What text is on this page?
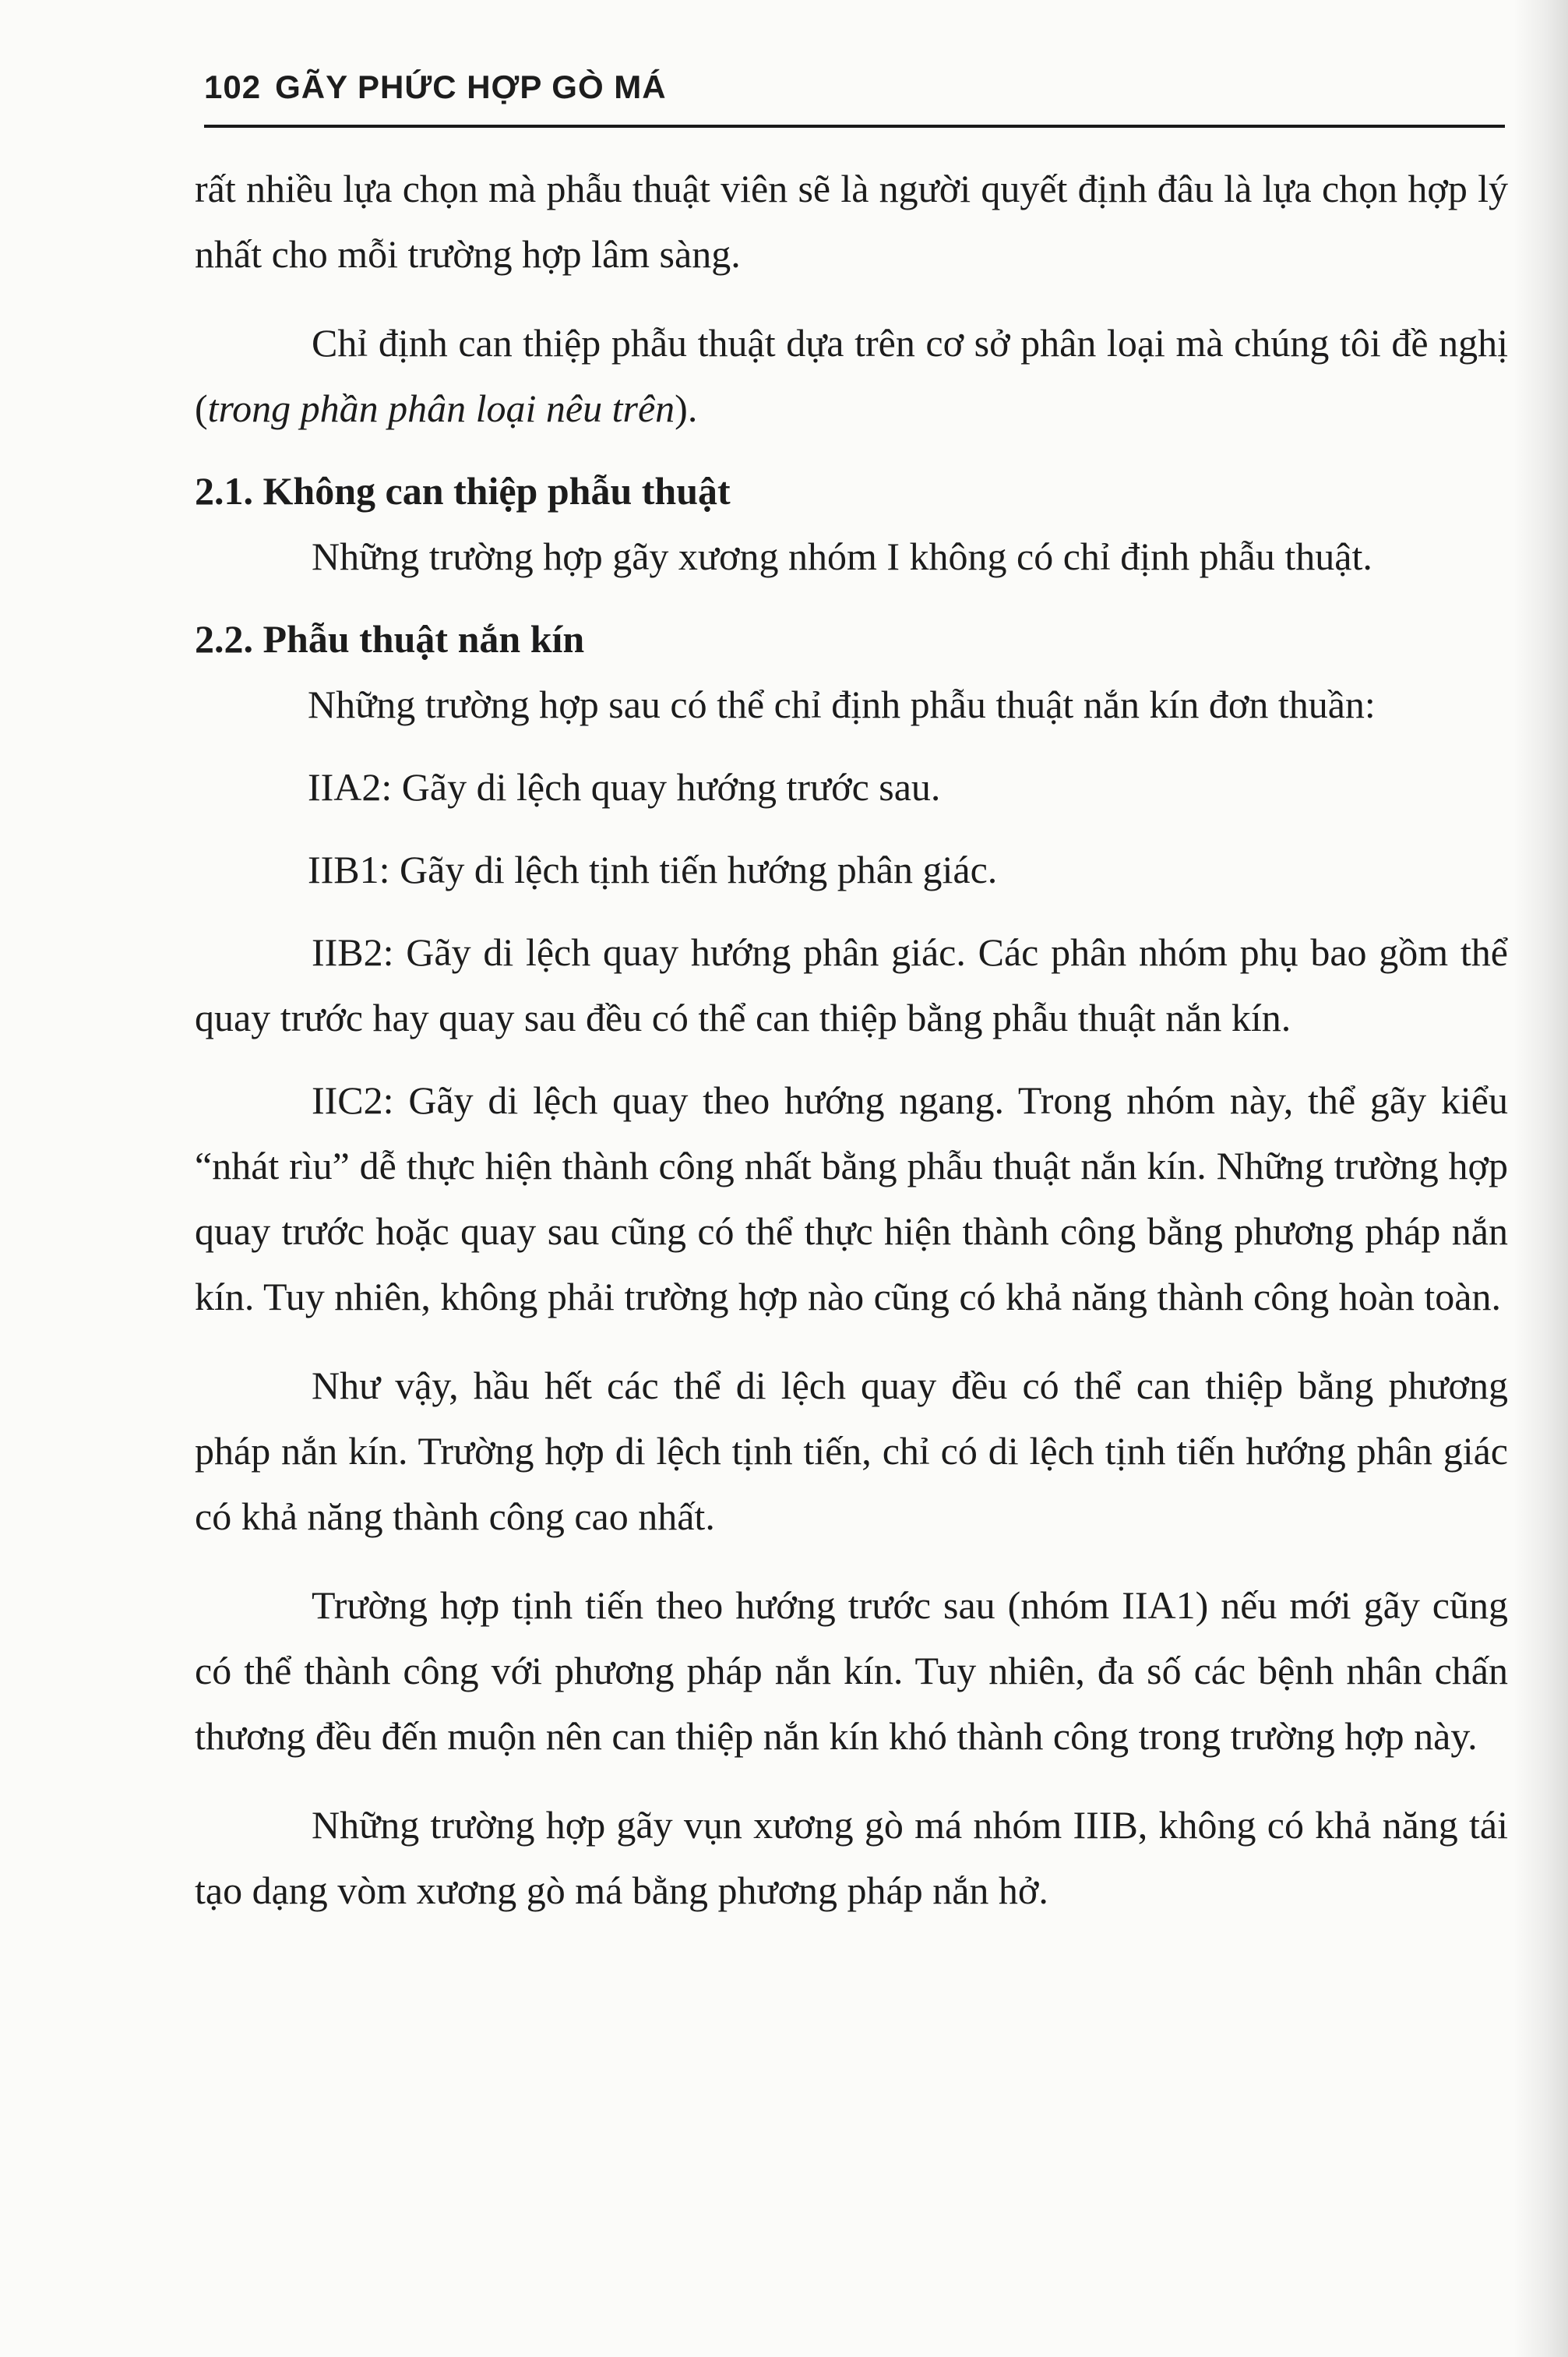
102 GÃY PHỨC HỢP GÒ MÁ

rất nhiều lựa chọn mà phẫu thuật viên sẽ là người quyết định đâu là lựa chọn hợp lý nhất cho mỗi trường hợp lâm sàng.

Chỉ định can thiệp phẫu thuật dựa trên cơ sở phân loại mà chúng tôi đề nghị (trong phần phân loại nêu trên).

2.1. Không can thiệp phẫu thuật

Những trường hợp gãy xương nhóm I không có chỉ định phẫu thuật.

2.2. Phẫu thuật nắn kín

Những trường hợp sau có thể chỉ định phẫu thuật nắn kín đơn thuần:

IIA2: Gãy di lệch quay hướng trước sau.

IIB1: Gãy di lệch tịnh tiến hướng phân giác.

IIB2: Gãy di lệch quay hướng phân giác. Các phân nhóm phụ bao gồm thể quay trước hay quay sau đều có thể can thiệp bằng phẫu thuật nắn kín.

IIC2: Gãy di lệch quay theo hướng ngang. Trong nhóm này, thể gãy kiểu “nhát rìu” dễ thực hiện thành công nhất bằng phẫu thuật nắn kín. Những trường hợp quay trước hoặc quay sau cũng có thể thực hiện thành công bằng phương pháp nắn kín. Tuy nhiên, không phải trường hợp nào cũng có khả năng thành công hoàn toàn.

Như vậy, hầu hết các thể di lệch quay đều có thể can thiệp bằng phương pháp nắn kín. Trường hợp di lệch tịnh tiến, chỉ có di lệch tịnh tiến hướng phân giác có khả năng thành công cao nhất.

Trường hợp tịnh tiến theo hướng trước sau (nhóm IIA1) nếu mới gãy cũng có thể thành công với phương pháp nắn kín. Tuy nhiên, đa số các bệnh nhân chấn thương đều đến muộn nên can thiệp nắn kín khó thành công trong trường hợp này.

Những trường hợp gãy vụn xương gò má nhóm IIIB, không có khả năng tái tạo dạng vòm xương gò má bằng phương pháp nắn hở.
